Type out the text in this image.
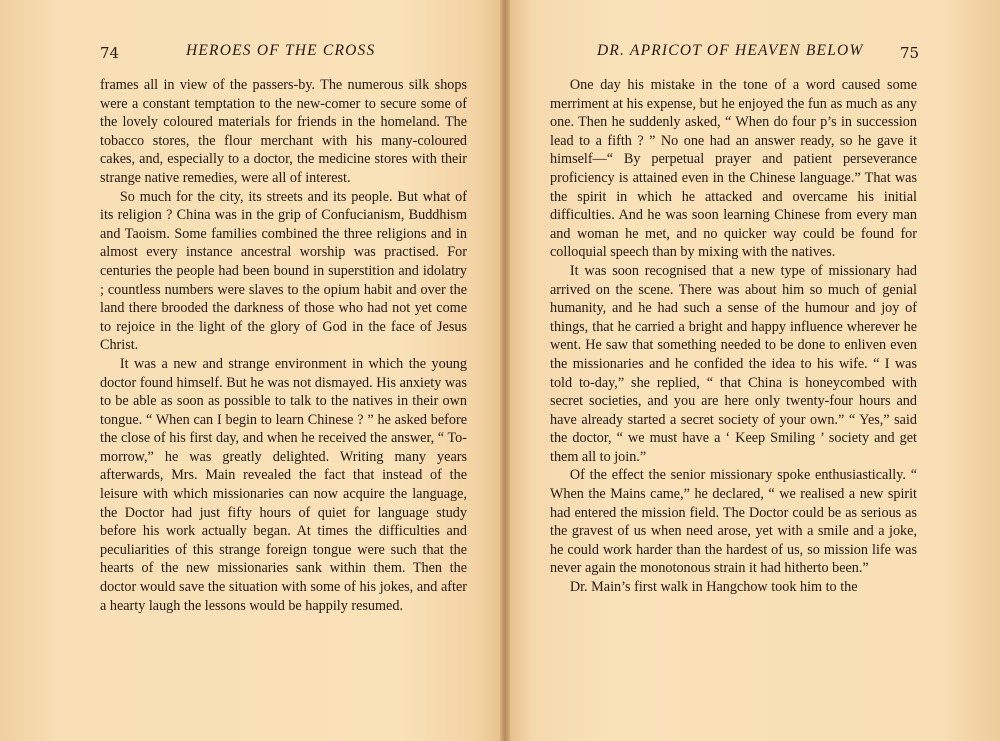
74	HEROES OF THE CROSS

frames all in view of the passers-by. The numerous silk shops were a constant temptation to the new-comer to secure some of the lovely coloured materials for friends in the homeland. The tobacco stores, the flour merchant with his many-coloured cakes, and, especially to a doctor, the medicine stores with their strange native remedies, were all of interest.

So much for the city, its streets and its people. But what of its religion ? China was in the grip of Confucianism, Buddhism and Taoism. Some families combined the three religions and in almost every instance ancestral worship was practised. For centuries the people had been bound in superstition and idolatry ; countless numbers were slaves to the opium habit and over the land there brooded the darkness of those who had not yet come to rejoice in the light of the glory of God in the face of Jesus Christ.

It was a new and strange environment in which the young doctor found himself. But he was not dismayed. His anxiety was to be able as soon as possible to talk to the natives in their own tongue. “ When can I begin to learn Chinese ? ” he asked before the close of his first day, and when he received the answer, “ To-morrow,” he was greatly delighted. Writing many years afterwards, Mrs. Main revealed the fact that instead of the leisure with which missionaries can now acquire the language, the Doctor had just fifty hours of quiet for language study before his work actually began. At times the difficulties and peculiarities of this strange foreign tongue were such that the hearts of the new missionaries sank within them. Then the doctor would save the situation with some of his jokes, and after a hearty laugh the lessons would be happily resumed.

DR. APRICOT OF HEAVEN BELOW 75

One day his mistake in the tone of a word caused some merriment at his expense, but he enjoyed the fun as much as any one. Then he suddenly asked, “ When do four p’s in succession lead to a fifth ? ” No one had an answer ready, so he gave it himself—“ By perpetual prayer and patient perseverance proficiency is attained even in the Chinese language.” That was the spirit in which he attacked and overcame his initial difficulties. And he was soon learning Chinese from every man and woman he met, and no quicker way could be found for colloquial speech than by mixing with the natives.

It was soon recognised that a new type of missionary had arrived on the scene. There was about him so much of genial humanity, and he had such a sense of the humour and joy of things, that he carried a bright and happy influence wherever he went. He saw that something needed to be done to enliven even the missionaries and he confided the idea to his wife. “ I was told to-day,” she replied, “ that China is honeycombed with secret societies, and you are here only twenty-four hours and have already started a secret society of your own.” “ Yes,” said the doctor, “ we must have a ‘ Keep Smiling ’ society and get them all to join.”

Of the effect the senior missionary spoke enthusiastically. “ When the Mains came,” he declared, “ we realised a new spirit had entered the mission field. The Doctor could be as serious as the gravest of us when need arose, yet with a smile and a joke, he could work harder than the hardest of us, so mission life was never again the monotonous strain it had hitherto been.”

Dr. Main’s first walk in Hangchow took him to the
